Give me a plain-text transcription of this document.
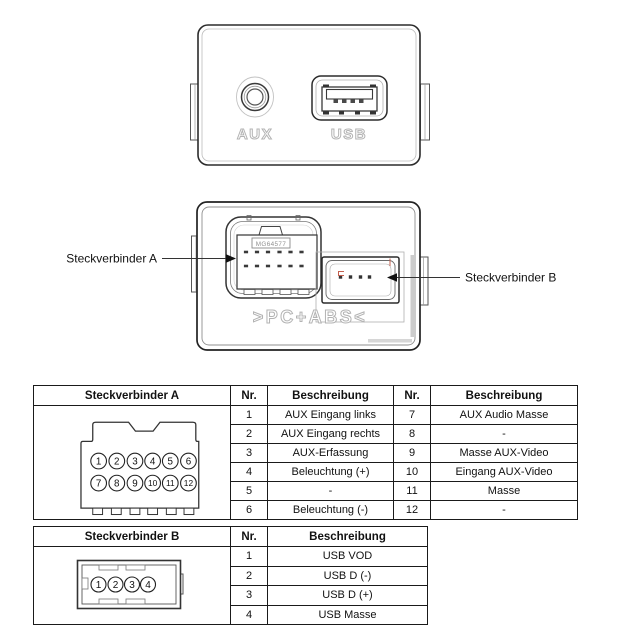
AUX	USB
MG64577
>PC+ABS<
Steckverbinder A
Steckverbinder B
Steckverbinder A	Nr.	Beschreibung	Nr.	Beschreibung

1 2 3 4 5 6
7 8 9 10 11 12
	1	AUX Eingang links	7	AUX Audio Masse
	2	AUX Eingang rechts	8	-
	3	AUX-Erfassung	9	Masse AUX-Video
	4	Beleuchtung (+)	10	Eingang AUX-Video
	5	-	11	Masse
	6	Beleuchtung (-)	12	-
Steckverbinder B	Nr.	Beschreibung

1 2 3 4	1	USB VOD
	2	USB D (-)
	3	USB D (+)
	4	USB Masse
